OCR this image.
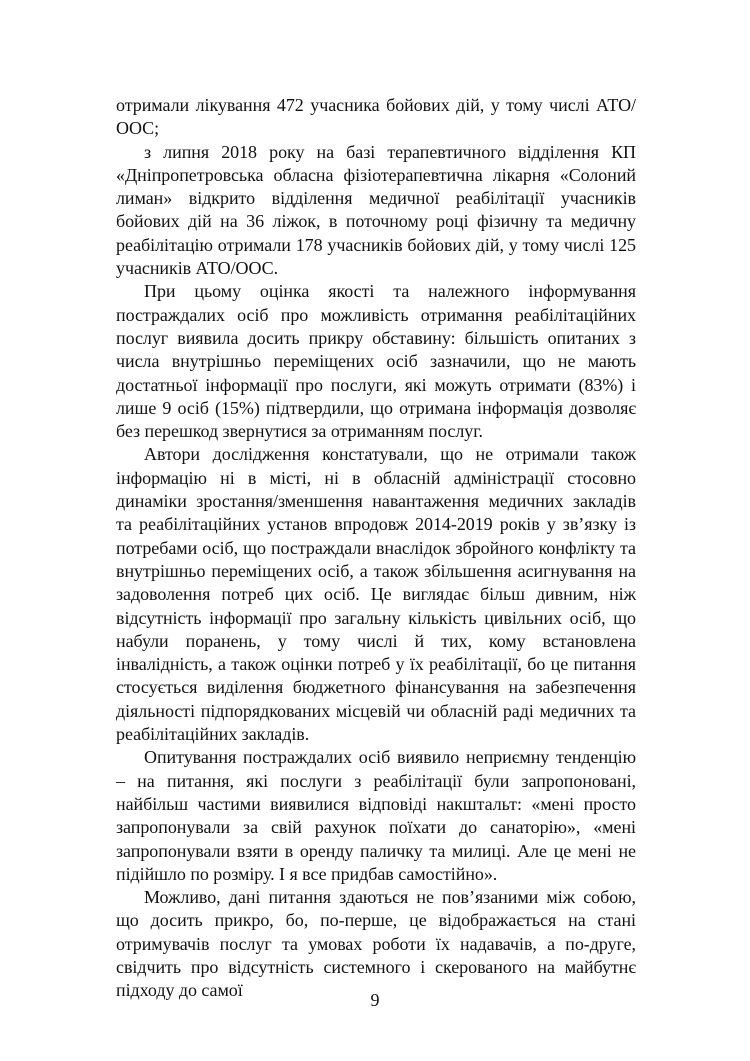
отримали лікування 472 учасника бойових дій, у тому числі АТО/ООС;

з липня 2018 року на базі терапевтичного відділення КП «Дніпропетровська обласна фізіотерапевтична лікарня «Солоний лиман» відкрито відділення медичної реабілітації учасників бойових дій на 36 ліжок, в поточному році фізичну та медичну реабілітацію отримали 178 учасників бойових дій, у тому числі 125 учасників АТО/ООС.

При цьому оцінка якості та належного інформування постраждалих осіб про можливість отримання реабілітаційних послуг виявила досить прикру обставину: більшість опитаних з числа внутрішньо переміщених осіб зазначили, що не мають достатньої інформації про послуги, які можуть отримати (83%) і лише 9 осіб (15%) підтвердили, що отримана інформація дозволяє без перешкод звернутися за отриманням послуг.

Автори дослідження констатували, що не отримали також інформацію ні в місті, ні в обласній адміністрації стосовно динаміки зростання/зменшення навантаження медичних закладів та реабілітаційних установ впродовж 2014-2019 років у зв’язку із потребами осіб, що постраждали внаслідок збройного конфлікту та внутрішньо переміщених осіб, а також збільшення асигнування на задоволення потреб цих осіб. Це виглядає більш дивним, ніж відсутність інформації про загальну кількість цивільних осіб, що набули поранень, у тому числі й тих, кому встановлена інвалідність, а також оцінки потреб у їх реабілітації, бо це питання стосується виділення бюджетного фінансування на забезпечення діяльності підпорядкованих місцевій чи обласній раді медичних та реабілітаційних закладів.

Опитування постраждалих осіб виявило неприємну тенденцію – на питання, які послуги з реабілітації були запропоновані, найбільш частими виявилися відповіді накштальт: «мені просто запропонували за свій рахунок поїхати до санаторію», «мені запропонували взяти в оренду паличку та милиці. Але це мені не підійшло по розміру. І я все придбав самостійно».

Можливо, дані питання здаються не пов’язаними між собою, що досить прикро, бо, по-перше, це відображається на стані отримувачів послуг та умовах роботи їх надавачів, а по-друге, свідчить про відсутність системного і скерованого на майбутнє підходу до самої	9
